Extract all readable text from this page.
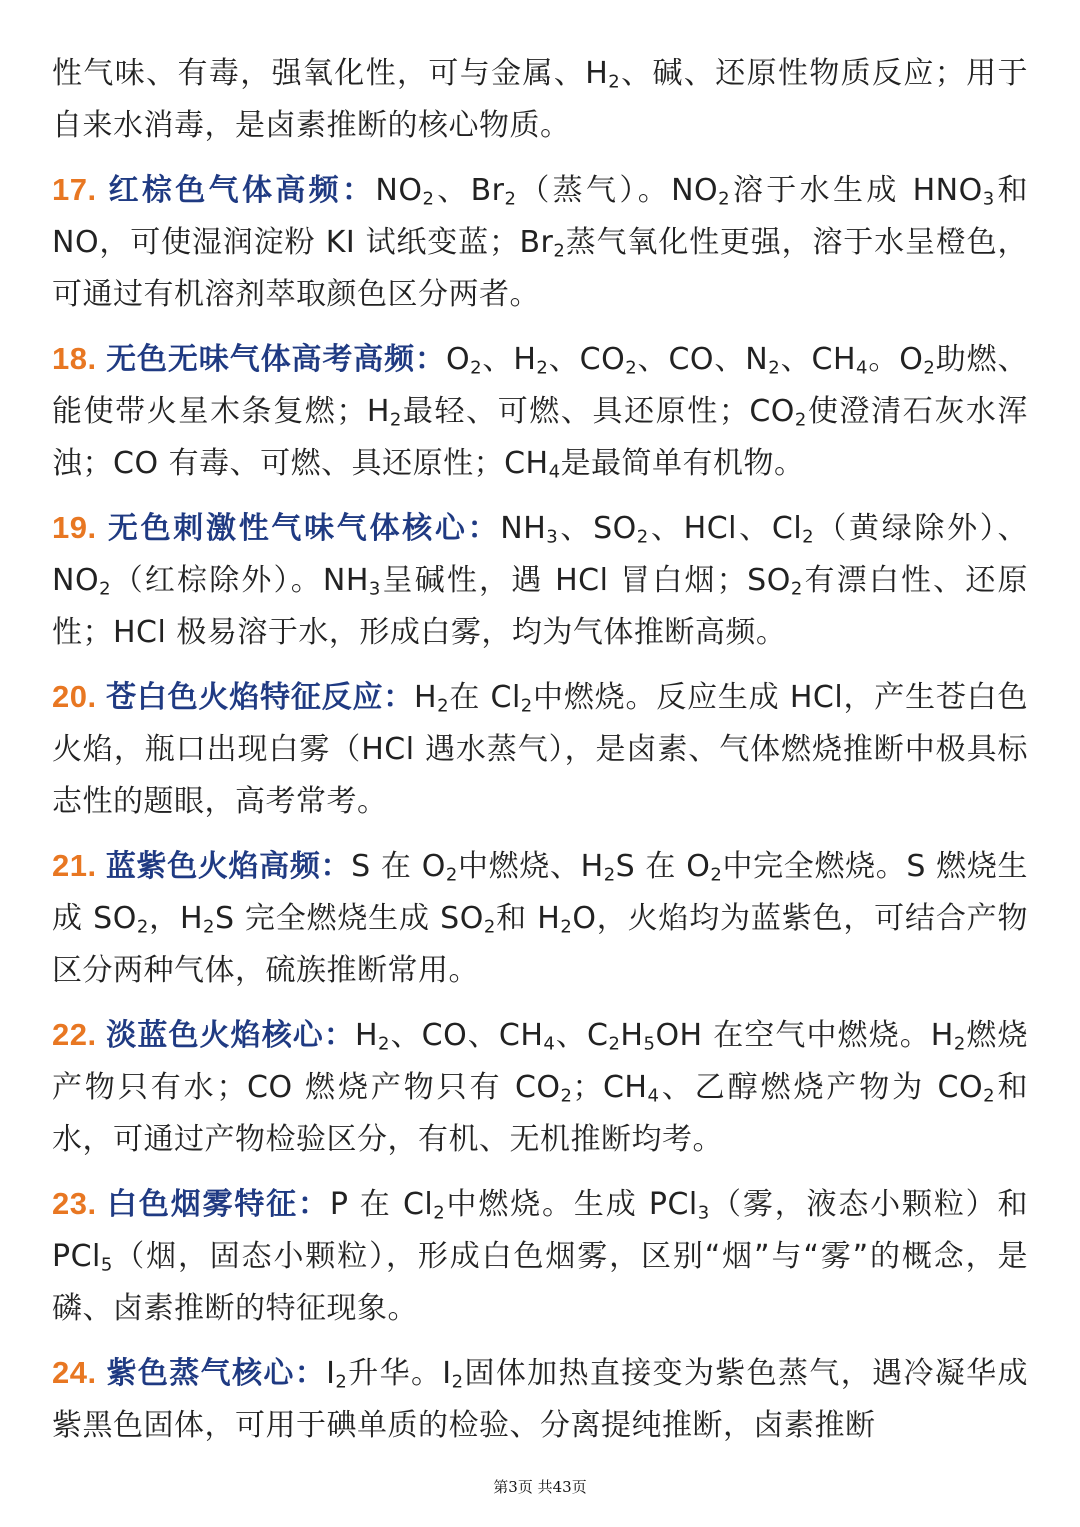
性气味、有毒，强氧化性，可与金属、$H_2$、碱、还原性物质反应；用于自来水消毒，是卤素推断的核心物质。

17. 红棕色气体高频：$NO_2$、$Br_2$（蒸气）。$NO_2$溶于水生成 $HNO_3$和 NO，可使湿润淀粉 KI 试纸变蓝；$Br_2$蒸气氧化性更强，溶于水呈橙色，可通过有机溶剂萃取颜色区分两者。

18. 无色无味气体高考高频：$O_2$、$H_2$、$CO_2$、CO、$N_2$、$CH_4$。$O_2$助燃、能使带火星木条复燃；$H_2$最轻、可燃、具还原性；$CO_2$使澄清石灰水浑浊；CO 有毒、可燃、具还原性；$CH_4$是最简单有机物。

19. 无色刺激性气味气体核心：$NH_3$、$SO_2$、HCl、$Cl_2$（黄绿除外）、$NO_2$（红棕除外）。$NH_3$呈碱性，遇 HCl 冒白烟；$SO_2$有漂白性、还原性；HCl 极易溶于水，形成白雾，均为气体推断高频。

20. 苍白色火焰特征反应：$H_2$在 $Cl_2$中燃烧。反应生成 HCl，产生苍白色火焰，瓶口出现白雾（HCl 遇水蒸气），是卤素、气体燃烧推断中极具标志性的题眼，高考常考。

21. 蓝紫色火焰高频：S 在 $O_2$中燃烧、$H_2S$ 在 $O_2$中完全燃烧。S 燃烧生成 $SO_2$，$H_2S$ 完全燃烧生成 $SO_2$和 $H_2O$，火焰均为蓝紫色，可结合产物区分两种气体，硫族推断常用。

22. 淡蓝色火焰核心：$H_2$、CO、$CH_4$、$C_2H_5OH$ 在空气中燃烧。$H_2$燃烧产物只有水；CO 燃烧产物只有 $CO_2$；$CH_4$、乙醇燃烧产物为 $CO_2$和水，可通过产物检验区分，有机、无机推断均考。

23. 白色烟雾特征：P 在 $Cl_2$中燃烧。生成 PCl$_3$（雾，液态小颗粒）和 PCl$_5$（烟，固态小颗粒），形成白色烟雾，区别“烟”与“雾”的概念，是磷、卤素推断的特征现象。

24. 紫色蒸气核心：$I_2$升华。$I_2$固体加热直接变为紫色蒸气，遇冷凝华成紫黑色固体，可用于碘单质的检验、分离提纯推断，卤素推断

第3页 共43页
